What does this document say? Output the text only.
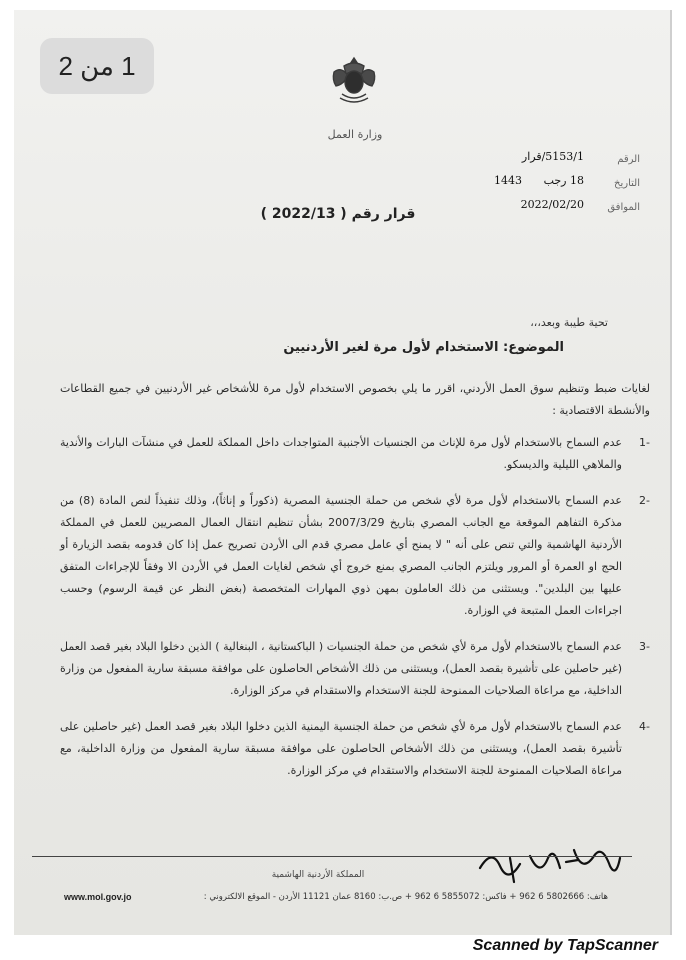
1 من 2
وزارة العمل
الرقم
5153/1/قرار
التاريخ
18 رجب
1443
الموافق
2022/02/20
قرار رقم ( 2022/13 )
تحية طيبة وبعد،،،
الموضوع: الاستخدام لأول مرة لغير الأردنيين

لغايات ضبط وتنظيم سوق العمل الأردني، اقرر ما يلي بخصوص الاستخدام لأول مرة للأشخاص غير الأردنيين في جميع القطاعات والأنشطة الاقتصادية :

-1
عدم السماح بالاستخدام لأول مرة للإناث من الجنسيات الأجنبية المتواجدات داخل المملكة للعمل في منشآت البارات والأندية والملاهي الليلية والديسكو.
-2
عدم السماح بالاستخدام لأول مرة لأي شخص من حملة الجنسية المصرية (ذكوراً و إناثاً)، وذلك تنفيذاً لنص المادة (8) من مذكرة التفاهم الموقعة مع الجانب المصري بتاريخ 2007/3/29 بشأن تنظيم انتقال العمال المصريين للعمل في المملكة الأردنية الهاشمية والتي تنص على أنه " لا يمنح أي عامل مصري قدم الى الأردن تصريح عمل إذا كان قدومه بقصد الزيارة أو الحج او العمرة أو المرور ويلتزم الجانب المصري بمنع خروج أي شخص لغايات العمل في الأردن الا وفقاً للإجراءات المتفق عليها بين البلدين". ويستثنى من ذلك العاملون بمهن ذوي المهارات المتخصصة (بغض النظر عن قيمة الرسوم) وحسب اجراءات العمل المتبعة في الوزارة.
-3
عدم السماح بالاستخدام لأول مرة لأي شخص من حملة الجنسيات ( الباكستانية ، البنغالية ) الذين دخلوا البلاد بغير قصد العمل (غير حاصلين على تأشيرة بقصد العمل)، ويستثنى من ذلك الأشخاص الحاصلون على موافقة مسبقة سارية المفعول من وزارة الداخلية، مع مراعاة الصلاحيات الممنوحة للجنة الاستخدام والاستقدام في مركز الوزارة.
-4
عدم السماح بالاستخدام لأول مرة لأي شخص من حملة الجنسية اليمنية الذين دخلوا البلاد بغير قصد العمل (غير حاصلين على تأشيرة بقصد العمل)، ويستثنى من ذلك الأشخاص الحاصلون على موافقة مسبقة سارية المفعول من وزارة الداخلية، مع مراعاة الصلاحيات الممنوحة للجنة الاستخدام والاستقدام في مركز الوزارة.
المملكة الأردنية الهاشمية
هاتف: 5802666 6 962 + فاكس: 5855072 6 962 + ص.ب: 8160 عمان 11121 الأردن - الموقع الالكتروني :
www.mol.gov.jo
Scanned by TapScanner
